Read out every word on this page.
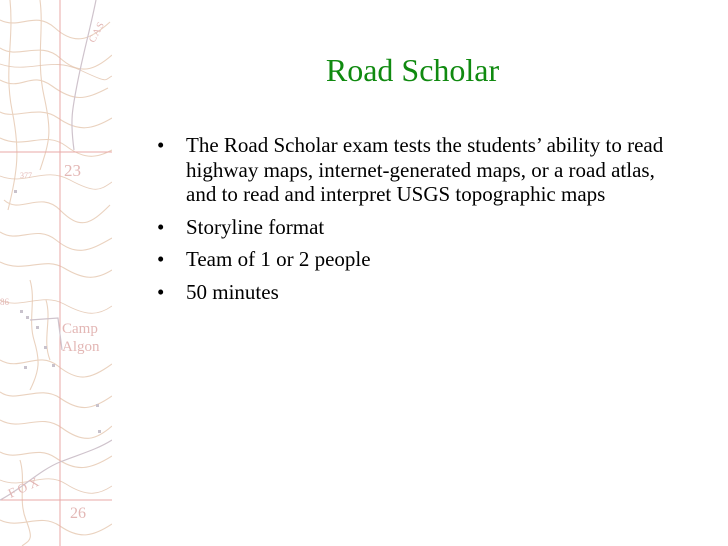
23
26
Camp
Algon
FOX
CAS
86
377
Road Scholar
• The Road Scholar exam tests the students’ ability to read highway maps, internet-generated maps, or a road atlas, and to read and interpret USGS topographic maps
• Storyline format
• Team of 1 or 2 people
• 50 minutes
